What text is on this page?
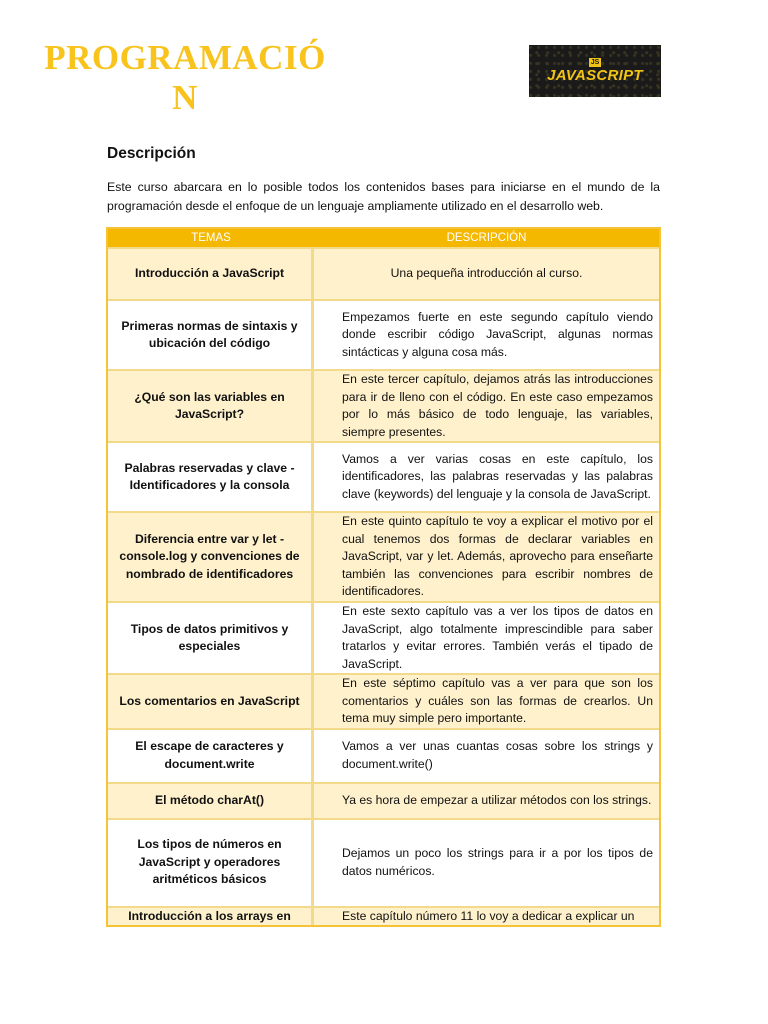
PROGRAMACIÓ N
JS
JAVASCRIPT
Descripción

Este curso abarcara en lo posible todos los contenidos bases para iniciarse en el mundo de la programación desde el enfoque de un lenguaje ampliamente utilizado en el desarrollo web.

TEMAS	DESCRIPCIÓN
Introducción a JavaScript	Una pequeña introducción al curso.
Primeras normas de sintaxis y ubicación del código	Empezamos fuerte en este segundo capítulo viendo donde escribir código JavaScript, algunas normas sintácticas y alguna cosa más.
¿Qué son las variables en JavaScript?	En este tercer capítulo, dejamos atrás las introducciones para ir de lleno con el código. En este caso empezamos por lo más básico de todo lenguaje, las variables, siempre presentes.
Palabras reservadas y clave - Identificadores y la consola	Vamos a ver varias cosas en este capítulo, los identificadores, las palabras reservadas y las palabras clave (keywords) del lenguaje y la consola de JavaScript.
Diferencia entre var y let - console.log y convenciones de nombrado de identificadores	En este quinto capítulo te voy a explicar el motivo por el cual tenemos dos formas de declarar variables en JavaScript, var y let. Además, aprovecho para enseñarte también las convenciones para escribir nombres de identificadores.
Tipos de datos primitivos y especiales	En este sexto capítulo vas a ver los tipos de datos en JavaScript, algo totalmente imprescindible para saber tratarlos y evitar errores. También verás el tipado de JavaScript.
Los comentarios en JavaScript	En este séptimo capítulo vas a ver para que son los comentarios y cuáles son las formas de crearlos. Un tema muy simple pero importante.
El escape de caracteres y document.write	Vamos a ver unas cuantas cosas sobre los strings y document.write()
El método charAt()	Ya es hora de empezar a utilizar métodos con los strings.
Los tipos de números en JavaScript y operadores aritméticos básicos	Dejamos un poco los strings para ir a por los tipos de datos numéricos.
Introducción a los arrays en	Este capítulo número 11 lo voy a dedicar a explicar un
